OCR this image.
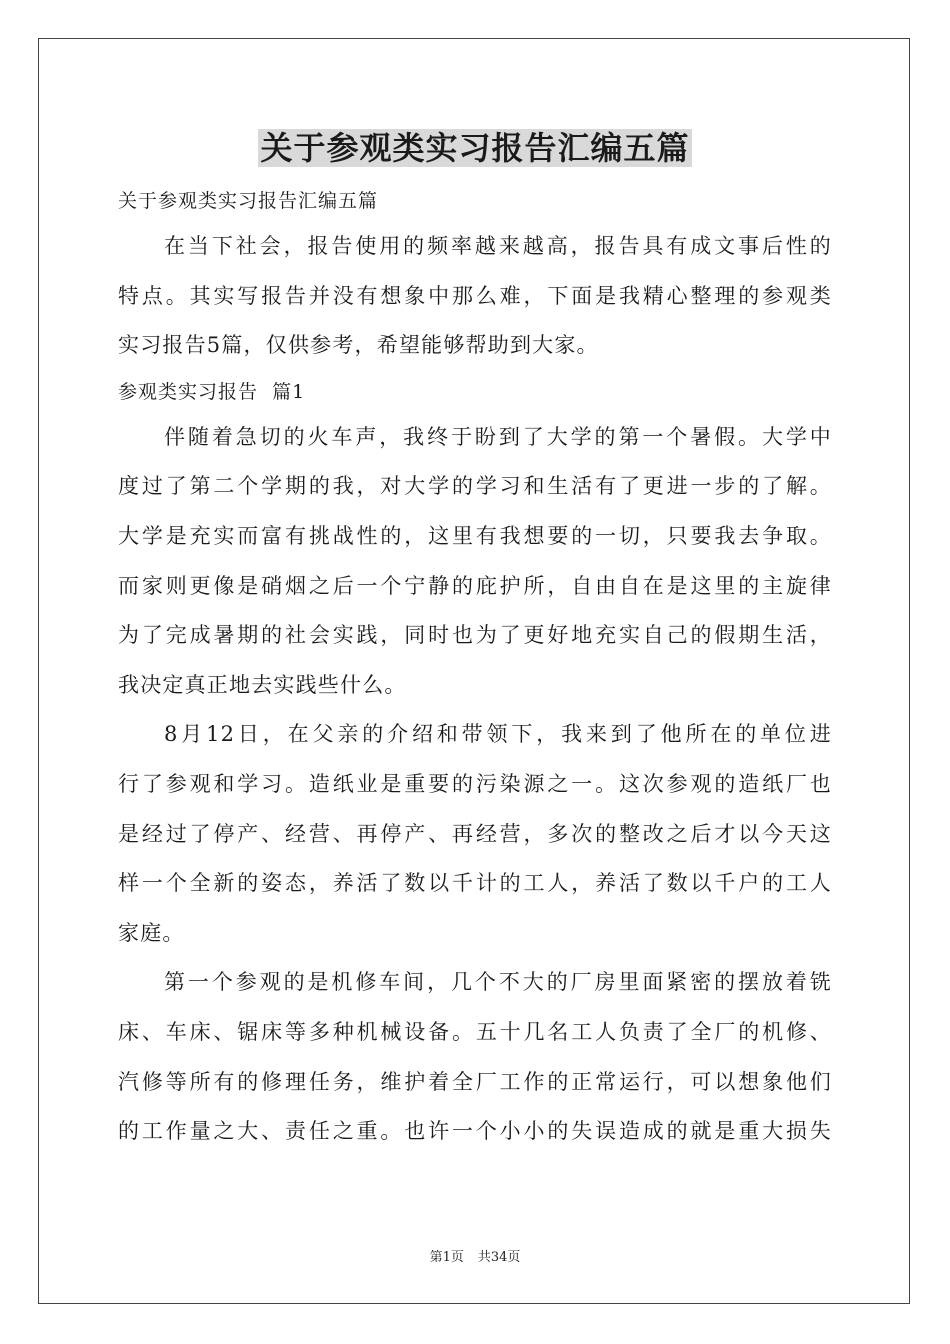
关于参观类实习报告汇编五篇
关于参观类实习报告汇编五篇
在当下社会，报告使用的频率越来越高，报告具有成文事后性的
特点。其实写报告并没有想象中那么难，下面是我精心整理的参观类
实习报告5篇，仅供参考，希望能够帮助到大家。
参观类实习报告  篇1
伴随着急切的火车声，我终于盼到了大学的第一个暑假。大学中
度过了第二个学期的我，对大学的学习和生活有了更进一步的了解。
大学是充实而富有挑战性的，这里有我想要的一切，只要我去争取。
而家则更像是硝烟之后一个宁静的庇护所，自由自在是这里的主旋律
为了完成暑期的社会实践，同时也为了更好地充实自己的假期生活，
我决定真正地去实践些什么。
8月12日，在父亲的介绍和带领下，我来到了他所在的单位进
行了参观和学习。造纸业是重要的污染源之一。这次参观的造纸厂也
是经过了停产、经营、再停产、再经营，多次的整改之后才以今天这
样一个全新的姿态，养活了数以千计的工人，养活了数以千户的工人
家庭。
第一个参观的是机修车间，几个不大的厂房里面紧密的摆放着铣
床、车床、锯床等多种机械设备。五十几名工人负责了全厂的机修、
汽修等所有的修理任务，维护着全厂工作的正常运行，可以想象他们
的工作量之大、责任之重。也许一个小小的失误造成的就是重大损失
第1页 共34页
